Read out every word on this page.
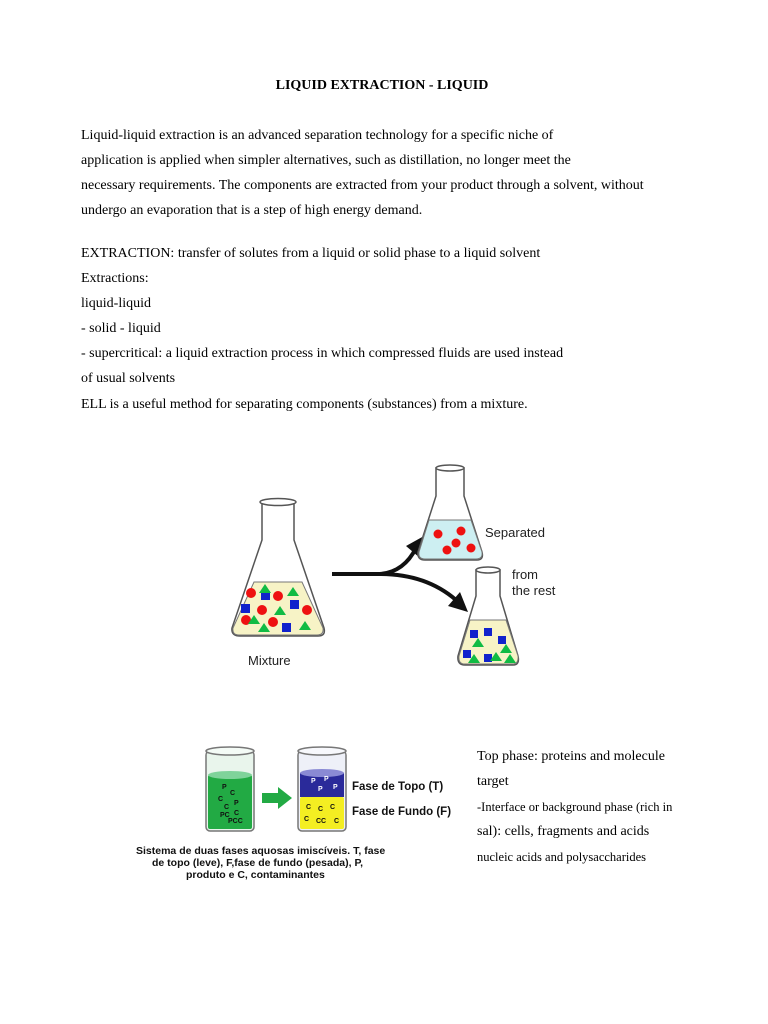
LIQUID EXTRACTION - LIQUID
Liquid-liquid extraction is an advanced separation technology for a specific niche of
application is applied when simpler alternatives, such as distillation, no longer meet the
necessary requirements. The components are extracted from your product through a solvent, without
undergo an evaporation that is a step of high energy demand.
EXTRACTION: transfer of solutes from a liquid or solid phase to a liquid solvent
Extractions:
liquid-liquid
- solid - liquid
- supercritical: a liquid extraction process in which compressed fluids are used instead
of usual solvents
ELL is a useful method for separating components (substances) from a mixture.
Mixture
Separated
from
the rest
P
C
C
P
C
PC C
PCC
P P
P P
C C C
C CC C
Fase de Topo (T)
Fase de Fundo (F)
Sistema de duas fases aquosas imiscíveis. T, fase
de topo (leve), F,fase de fundo (pesada), P,
produto e C, contaminantes
Top phase: proteins and molecule
target
-Interface or background phase (rich in
sal): cells, fragments and acids
nucleic acids and polysaccharides
